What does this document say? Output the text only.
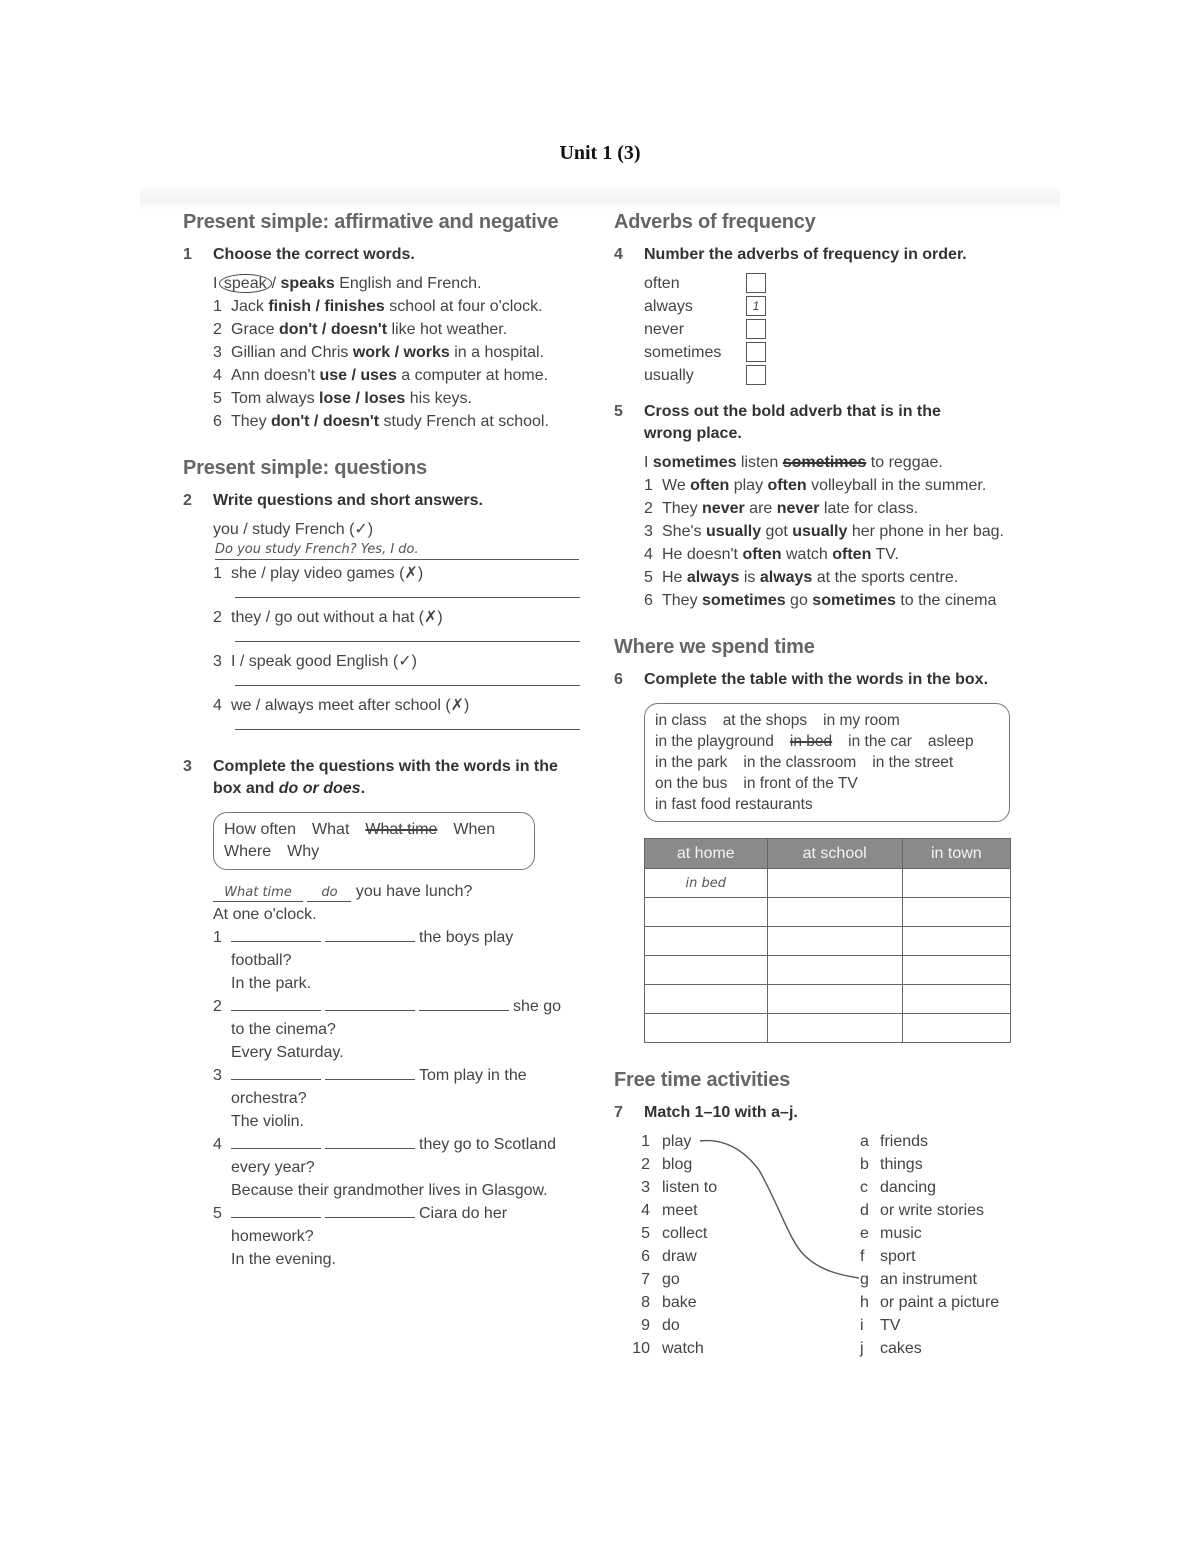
Unit 1 (3)
Present simple: affirmative and negative
1 Choose the correct words.
I speak / speaks English and French.
1 Jack finish / finishes school at four o'clock.
2 Grace don't / doesn't like hot weather.
3 Gillian and Chris work / works in a hospital.
4 Ann doesn't use / uses a computer at home.
5 Tom always lose / loses his keys.
6 They don't / doesn't study French at school.
Present simple: questions
2 Write questions and short answers.
you / study French (✓)
Do you study French? Yes, I do.
1 she / play video games (✗)
2 they / go out without a hat (✗)
3 I / speak good English (✓)
4 we / always meet after school (✗)
3 Complete the questions with the words in the box and do or does.
How often What What time When
Where Why
What time do you have lunch?
At one o'clock.
1	the boys play
football?
In the park.
2	she go
to the cinema?
Every Saturday.
3	Tom play in the
orchestra?
The violin.
4	they go to Scotland
every year?
Because their grandmother lives in Glasgow.
5	Ciara do her
homework?
In the evening.
Adverbs of frequency
4 Number the adverbs of frequency in order.
often
always	1
never
sometimes
usually
5 Cross out the bold adverb that is in the
wrong place.
I sometimes listen sometimes to reggae.
1 We often play often volleyball in the summer.
2 They never are never late for class.
3 She's usually got usually her phone in her bag.
4 He doesn't often watch often TV.
5 He always is always at the sports centre.
6 They sometimes go sometimes to the cinema
Where we spend time
6 Complete the table with the words in the box.
in class at the shops in my room
in the playground in bed in the car asleep
in the park in the classroom in the street
on the bus in front of the TV
in fast food restaurants
at home	at school	in town
in bed		

Free time activities
7 Match 1–10 with a–j.
1 play
2 blog
3 listen to
4 meet
5 collect
6 draw
7 go
8 bake
9 do
10 watch
a friends
b things
c dancing
d or write stories
e music
f sport
g an instrument
h or paint a picture
i TV
j cakes
